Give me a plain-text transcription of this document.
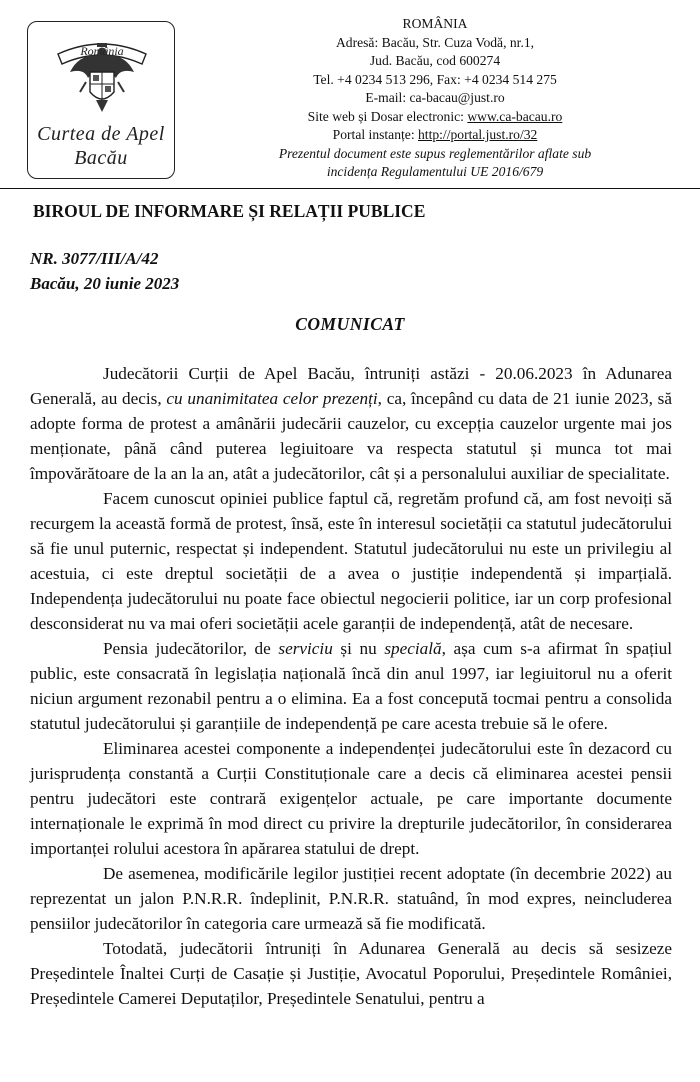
România
Curtea de Apel
Bacău
ROMÂNIA
Adresă: Bacău, Str. Cuza Vodă, nr.1,
Jud. Bacău, cod 600274
Tel. +4 0234 513 296, Fax: +4 0234 514 275
E-mail: ca-bacau@just.ro
Site web și Dosar electronic: www.ca-bacau.ro
Portal instanțe: http://portal.just.ro/32
Prezentul document este supus reglementărilor aflate sub
incidența Regulamentului UE 2016/679
BIROUL DE INFORMARE ȘI RELAȚII PUBLICE
NR. 3077/III/A/42
Bacău, 20 iunie 2023
COMUNICAT

Judecătorii Curții de Apel Bacău, întruniți astăzi - 20.06.2023 în Adunarea Generală, au decis, cu unanimitatea celor prezenți, ca, începând cu data de 21 iunie 2023, să adopte forma de protest a amânării judecării cauzelor, cu excepția cauzelor urgente mai jos menționate, până când puterea legiuitoare va respecta statutul și munca tot mai împovărătoare de la an la an, atât a judecătorilor, cât și a personalului auxiliar de specialitate.

Facem cunoscut opiniei publice faptul că, regretăm profund că, am fost nevoiți să recurgem la această formă de protest, însă, este în interesul societății ca statutul judecătorului să fie unul puternic, respectat și independent. Statutul judecătorului nu este un privilegiu al acestuia, ci este dreptul societății de a avea o justiție independentă și imparțială. Independența judecătorului nu poate face obiectul negocierii politice, iar un corp profesional desconsiderat nu va mai oferi societății acele garanții de independență, atât de necesare.

Pensia judecătorilor, de serviciu și nu specială, așa cum s-a afirmat în spațiul public, este consacrată în legislația națională încă din anul 1997, iar legiuitorul nu a oferit niciun argument rezonabil pentru a o elimina. Ea a fost concepută tocmai pentru a consolida statutul judecătorului și garanțiile de independență pe care acesta trebuie să le ofere.

Eliminarea acestei componente a independenței judecătorului este în dezacord cu jurisprudența constantă a Curții Constituționale care a decis că eliminarea acestei pensii pentru judecători este contrară exigențelor actuale, pe care importante documente internaționale le exprimă în mod direct cu privire la drepturile judecătorilor, în considerarea importanței rolului acestora în apărarea statului de drept.

De asemenea, modificările legilor justiției recent adoptate (în decembrie 2022) au reprezentat un jalon P.N.R.R. îndeplinit, P.N.R.R. statuând, în mod expres, neincluderea pensiilor judecătorilor în categoria care urmează să fie modificată.

Totodată, judecătorii întruniți în Adunarea Generală au decis să sesizeze Președintele Înaltei Curți de Casație și Justiție, Avocatul Poporului, Președintele României, Președintele Camerei Deputaților, Președintele Senatului, pentru a
